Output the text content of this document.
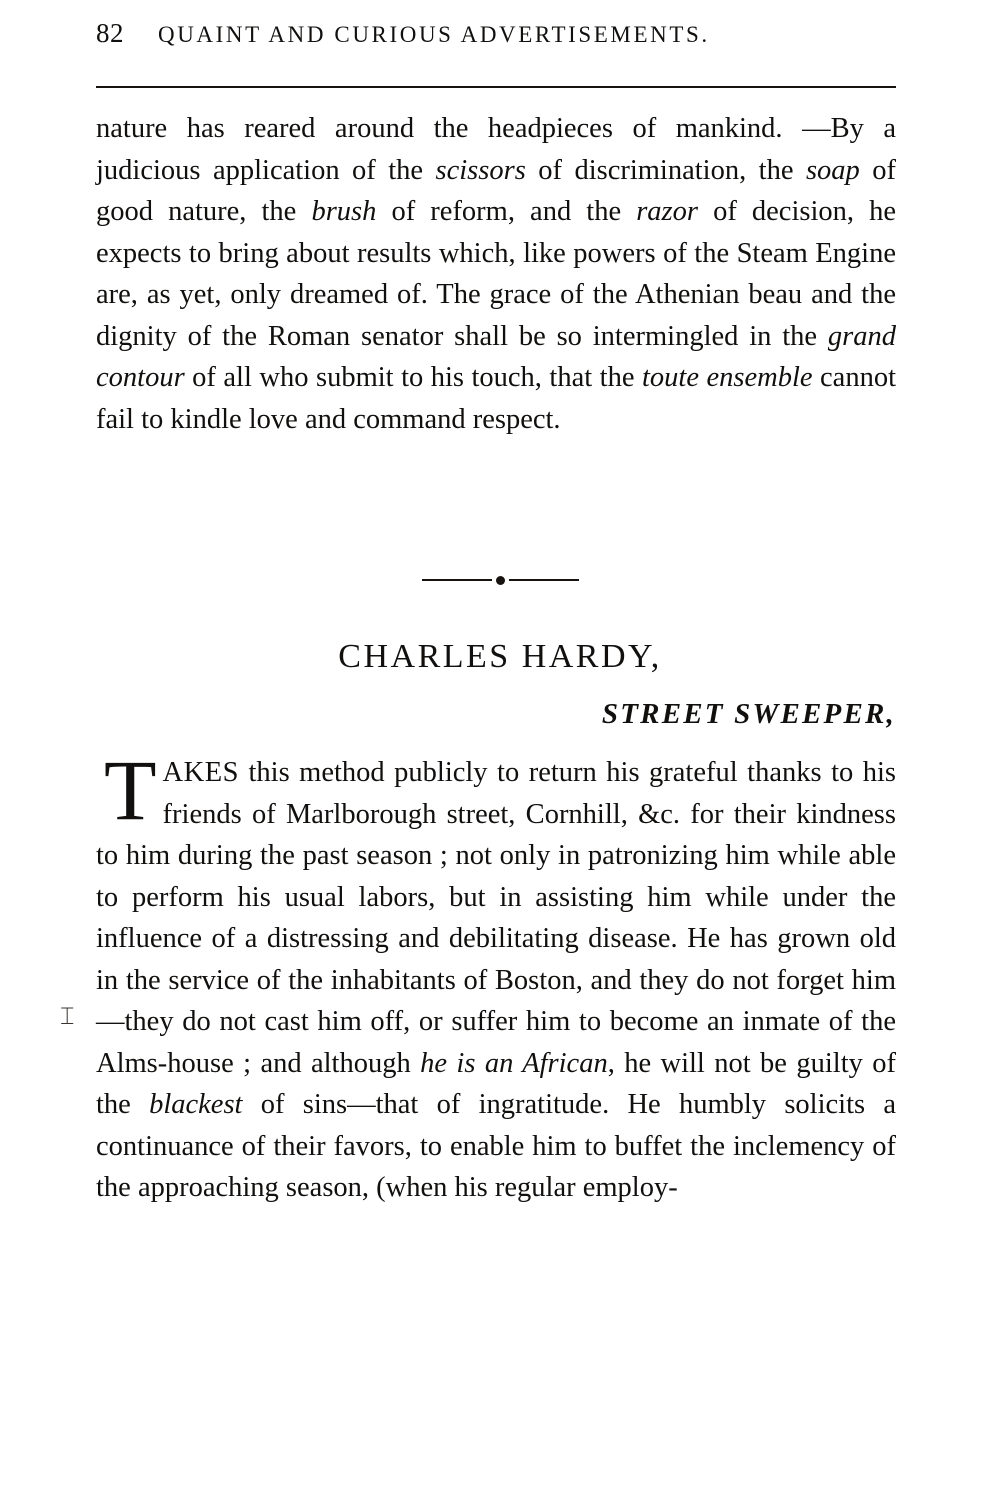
82 QUAINT AND CURIOUS ADVERTISEMENTS.

nature has reared around the headpieces of mankind. —By a judicious application of the scissors of discrimination, the soap of good nature, the brush of reform, and the razor of decision, he expects to bring about results which, like powers of the Steam Engine are, as yet, only dreamed of. The grace of the Athenian beau and the dignity of the Roman senator shall be so intermingled in the grand contour of all who submit to his touch, that the toute ensemble cannot fail to kindle love and command respect.

CHARLES HARDY,
STREET SWEEPER,

TAKES this method publicly to return his grateful thanks to his friends of Marlborough street, Cornhill, &c. for their kindness to him during the past season ; not only in patronizing him while able to perform his usual labors, but in assisting him while under the influence of a distressing and debilitating disease. He has grown old in the service of the inhabitants of Boston, and they do not forget him—they do not cast him off, or suffer him to become an inmate of the Alms-house ; and although he is an African, he will not be guilty of the blackest of sins—that of ingratitude. He humbly solicits a continuance of their favors, to enable him to buffet the inclemency of the approaching season, (when his regular employ-

⌶
